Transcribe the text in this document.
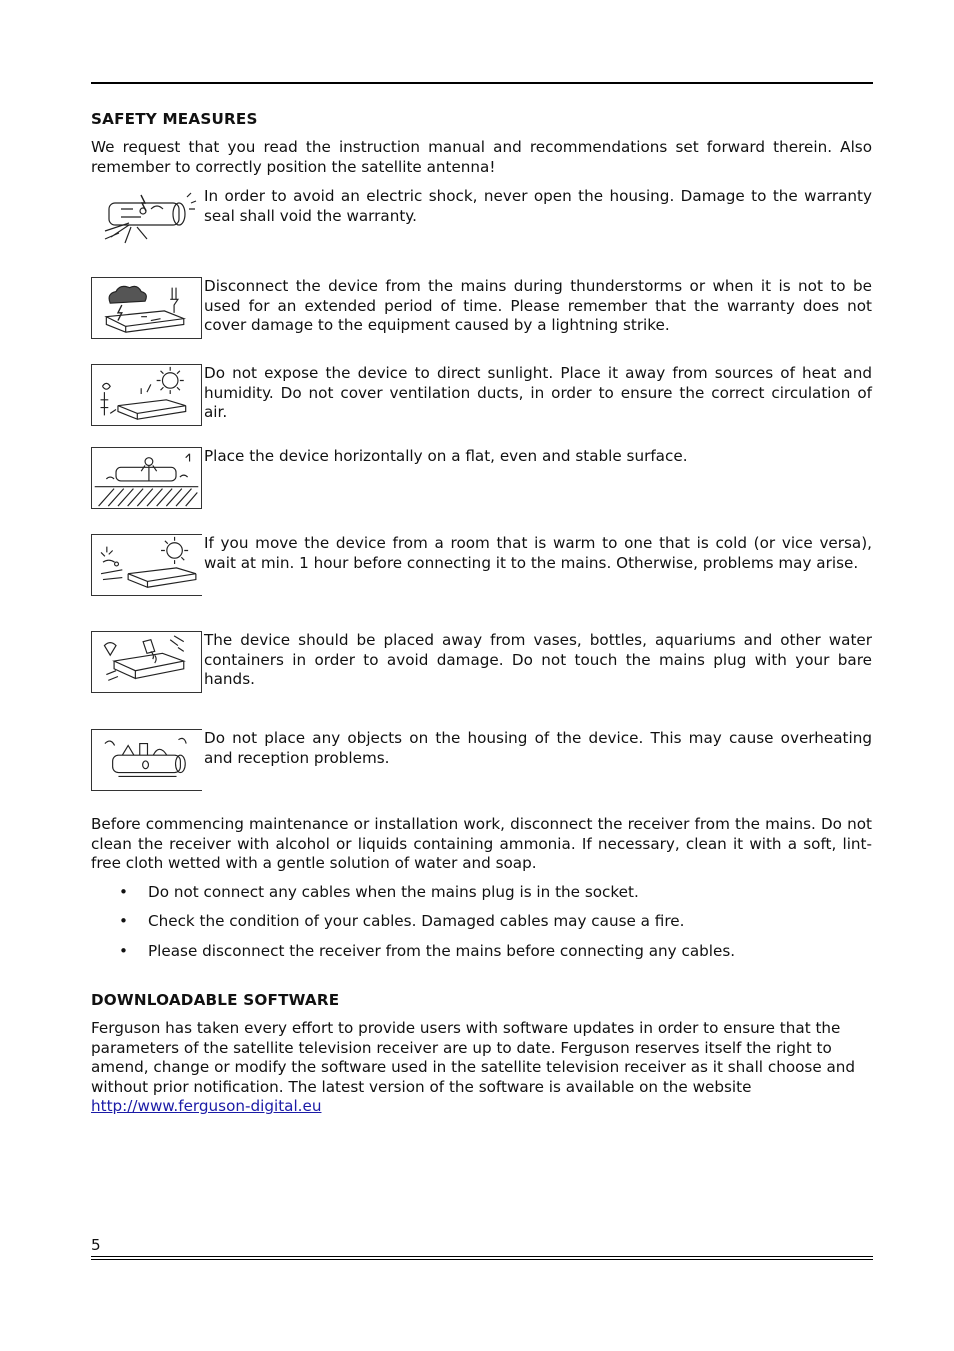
SAFETY MEASURES

We request that you read the instruction manual and recommendations set forward therein. Also remember to correctly position the satellite antenna!

In order to avoid an electric shock, never open the housing. Damage to the warranty seal shall void the warranty.

Disconnect the device from the mains during thunderstorms or when it is not to be used for an extended period of time. Please remember that the warranty does not cover damage to the equipment caused by a lightning strike.

Do not expose the device to direct sunlight. Place it away from sources of heat and humidity. Do not cover ventilation ducts, in order to ensure the correct circulation of air.

Place the device horizontally on a flat, even and stable surface.

If you move the device from a room that is warm to one that is cold (or vice versa), wait at min. 1 hour before connecting it to the mains. Otherwise, problems may arise.

The device should be placed away from vases, bottles, aquariums and other water containers in order to avoid damage. Do not touch the mains plug with your bare hands.

Do not place any objects on the housing of the device. This may cause overheating and reception problems.

Before commencing maintenance or installation work, disconnect the receiver from the mains. Do not clean the receiver with alcohol or liquids containing ammonia. If necessary, clean it with a soft, lint-free cloth wetted with a gentle solution of water and soap.

• Do not connect any cables when the mains plug is in the socket.
• Check the condition of your cables. Damaged cables may cause a fire.
• Please disconnect the receiver from the mains before connecting any cables.
DOWNLOADABLE SOFTWARE

Ferguson has taken every effort to provide users with software updates in order to ensure that the parameters of the satellite television receiver are up to date. Ferguson reserves itself the right to amend, change or modify the software used in the satellite television receiver as it shall choose and without prior notification. The latest version of the software is available on the website http://www.ferguson-digital.eu

5
